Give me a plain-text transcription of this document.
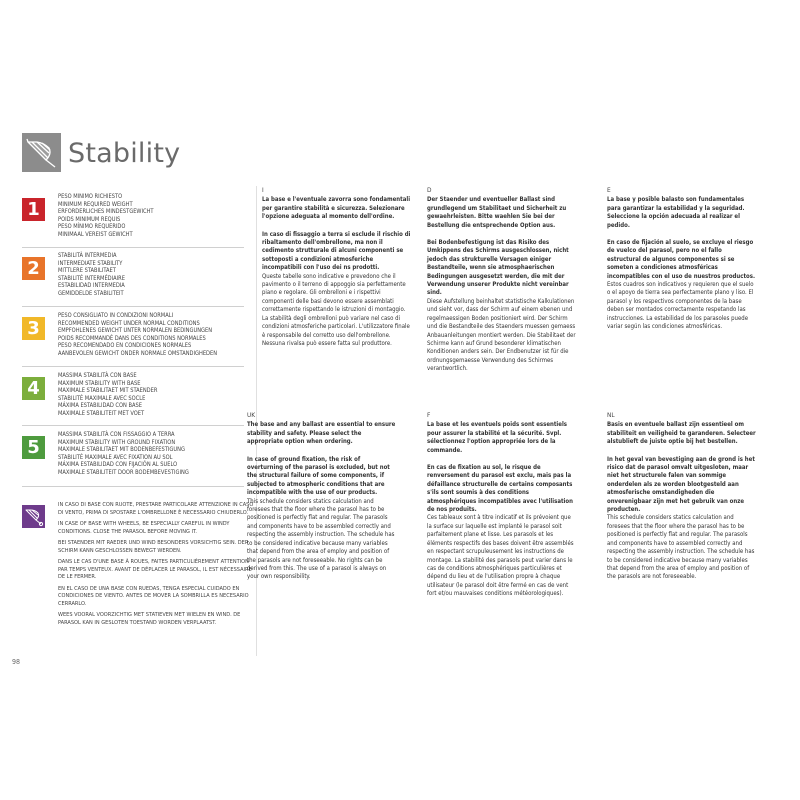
Stability
1
PESO MINIMO RICHIESTO
MINIMUM REQUIRED WEIGHT
ERFORDERLICHES MINDESTGEWICHT
POIDS MINIMUM REQUIS
PESO MÍNIMO REQUERIDO
MINIMAAL VEREIST GEWICHT
2
STABILITÀ INTERMEDIA
INTERMEDIATE STABILITY
MITTLERE STABILITAET
STABILITÉ INTERMÉDIAIRE
ESTABILIDAD INTERMEDIA
GEMIDDELDE STABILITEIT
3
PESO CONSIGLIATO IN CONDIZIONI NORMALI
RECOMMENDED WEIGHT UNDER NORMAL CONDITIONS
EMPFOHLENES GEWICHT UNTER NORMALEN BEDINGUNGEN
POIDS RECOMMANDÉ DANS DES CONDITIONS NORMALES
PESO RECOMENDADO EN CONDICIONES NORMALES
AANBEVOLEN GEWICHT ONDER NORMALE OMSTANDIGHEDEN
4
MASSIMA STABILITÀ CON BASE
MAXIMUM STABILITY WITH BASE
MAXIMALE STABILITAET MIT STAENDER
STABILITÉ MAXIMALE AVEC SOCLE
MÁXIMA ESTABILIDAD CON BASE
MAXIMALE STABILITEIT MET VOET
5
MASSIMA STABILITÀ CON FISSAGGIO A TERRA
MAXIMUM STABILITY WITH GROUND FIXATION
MAXIMALE STABILITAET MIT BODENBEFESTIGUNG
STABILITÉ MAXIMALE AVEC FIXATION AU SOL
MÁXIMA ESTABILIDAD CON FIJACIÓN AL SUELO
MAXIMALE STABILITEIT DOOR BODEMBEVESTIGING

IN CASO DI BASE CON RUOTE, PRESTARE PARTICOLARE ATTENZIONE IN CASO DI VENTO, PRIMA DI SPOSTARE L'OMBRELLONE È NECESSARIO CHIUDERLO.

IN CASE OF BASE WITH WHEELS, BE ESPECIALLY CAREFUL IN WINDY CONDITIONS. CLOSE THE PARASOL BEFORE MOVING IT.

BEI STAENDER MIT RAEDER UND WIND BESONDERS VORSICHTIG SEIN. DER SCHIRM KANN GESCHLOSSEN BEWEGT WERDEN.

DANS LE CAS D'UNE BASE À ROUES, FAITES PARTICULIÈREMENT ATTENTION PAR TEMPS VENTEUX. AVANT DE DÉPLACER LE PARASOL, IL EST NÉCESSAIRE DE LE FERMER.

EN EL CASO DE UNA BASE CON RUEDAS, TENGA ESPECIAL CUIDADO EN CONDICIONES DE VIENTO. ANTES DE MOVER LA SOMBRILLA ES NECESARIO CERRARLO.

WEES VOORAL VOORZICHTIG MET STATIEVEN MET WIELEN EN WIND. DE PARASOL KAN IN GESLOTEN TOESTAND WORDEN VERPLAATST.

98
I

La base e l'eventuale zavorra sono fondamentali per garantire stabilità e sicurezza. Selezionare l'opzione adeguata al momento dell'ordine.

In caso di fissaggio a terra si esclude il rischio di ribaltamento dell'ombrellone, ma non il cedimento strutturale di alcuni componenti se sottoposti a condizioni atmosferiche incompatibili con l'uso dei ns prodotti.
Queste tabelle sono indicative e prevedono che il pavimento o il terreno di appoggio sia perfettamente piano e regolare. Gli ombrelloni e i rispettivi componenti delle basi devono essere assemblati correttamente rispettando le istruzioni di montaggio. La stabilità degli ombrelloni può variare nel caso di condizioni atmosferiche particolari. L'utilizzatore finale è responsabile del corretto uso dell'ombrellone. Nessuna rivalsa può essere fatta sul produttore.

D

Der Staender und eventueller Ballast sind grundlegend um Stabilitaet und Sicherheit zu gewaehrleisten. Bitte waehlen Sie bei der Bestellung die entsprechende Option aus.

Bei Bodenbefestigung ist das Risiko des Umkippens des Schirms ausgeschlossen, nicht jedoch das strukturelle Versagen einiger Bestandteile, wenn sie atmosphaerischen Bedingungen ausgesetzt werden, die mit der Verwendung unserer Produkte nicht vereinbar sind.
Diese Aufstellung beinhaltet statistische Kalkulationen und sieht vor, dass der Schirm auf einem ebenen und regelmaessigen Boden positioniert wird. Der Schirm und die Bestandteile des Staenders muessen gemaess Anbauanleitungen montiert werden. Die Stabilitaet der Schirme kann auf Grund besonderer klimatischen Konditionen anders sein. Der Endbenutzer ist für die ordnungsgemaesse Verwendung des Schirmes verantwortlich.

E

La base y posible balasto son fundamentales para garantizar la estabilidad y la seguridad. Seleccione la opción adecuada al realizar el pedido.

En caso de fijación al suelo, se excluye el riesgo de vuelco del parasol, pero no el fallo estructural de algunos componentes si se someten a condiciones atmosféricas incompatibles con el uso de nuestros productos.
Estos cuadros son indicativos y requieren que el suelo o el apoyo de tierra sea perfectamente plano y liso. El parasol y los respectivos componentes de la base deben ser montados correctamente respetando las instrucciones. La estabilidad de los parasoles puede variar según las condiciones atmosféricas.

UK

The base and any ballast are essential to ensure stability and safety. Please select the appropriate option when ordering.

In case of ground fixation, the risk of overturning of the parasol is excluded, but not the structural failure of some components, if subjected to atmospheric conditions that are incompatible with the use of our products.
This schedule considers statics calculation and foresees that the floor where the parasol has to be positioned is perfectly flat and regular. The parasols and components have to be assembled correctly and respecting the assembly instruction. The schedule has to be considered indicative because many variables that depend from the area of employ and position of the parasols are not foreseeable. No rights can be derived from this. The use of a parasol is always on your own responsibility.

F

La base et les eventuels poids sont essentiels pour assurer la stabilité et la sécurité. Svpl. sélectionnez l'option appropriée lors de la commande.

En cas de fixation au sol, le risque de renversement du parasol est exclu, mais pas la défaillance structurelle de certains composants s'ils sont soumis à des conditions atmosphériques incompatibles avec l'utilisation de nos produits.
Ces tableaux sont à titre indicatif et ils prévoient que la surface sur laquelle est implanté le parasol soit parfaitement plane et lisse. Les parasols et les éléments respectifs des bases doivent être assemblés en respectant scrupuleusement les instructions de montage. La stabilité des parasols peut varier dans le cas de conditions atmosphériques particulières et dépend du lieu et de l'utilisation propre à chaque utilisateur (le parasol doit être fermé en cas de vent fort et/ou mauvaises conditions météorologiques).

NL

Basis en eventuele ballast zijn essentieel om stabiliteit en veiligheid te garanderen. Selecteer alstublieft de juiste optie bij het bestellen.

In het geval van bevestiging aan de grond is het risico dat de parasol omvalt uitgesloten, maar niet het structurele falen van sommige onderdelen als ze worden blootgesteld aan atmosferische omstandigheden die onverenigbaar zijn met het gebruik van onze producten.
This schedule considers statics calculation and foresees that the floor where the parasol has to be positioned is perfectly flat and regular. The parasols and components have to assembled correctly and respecting the assembly instruction. The schedule has to be considered indicative because many variables that depend from the area of employ and position of the parasols are not foreseeable.
